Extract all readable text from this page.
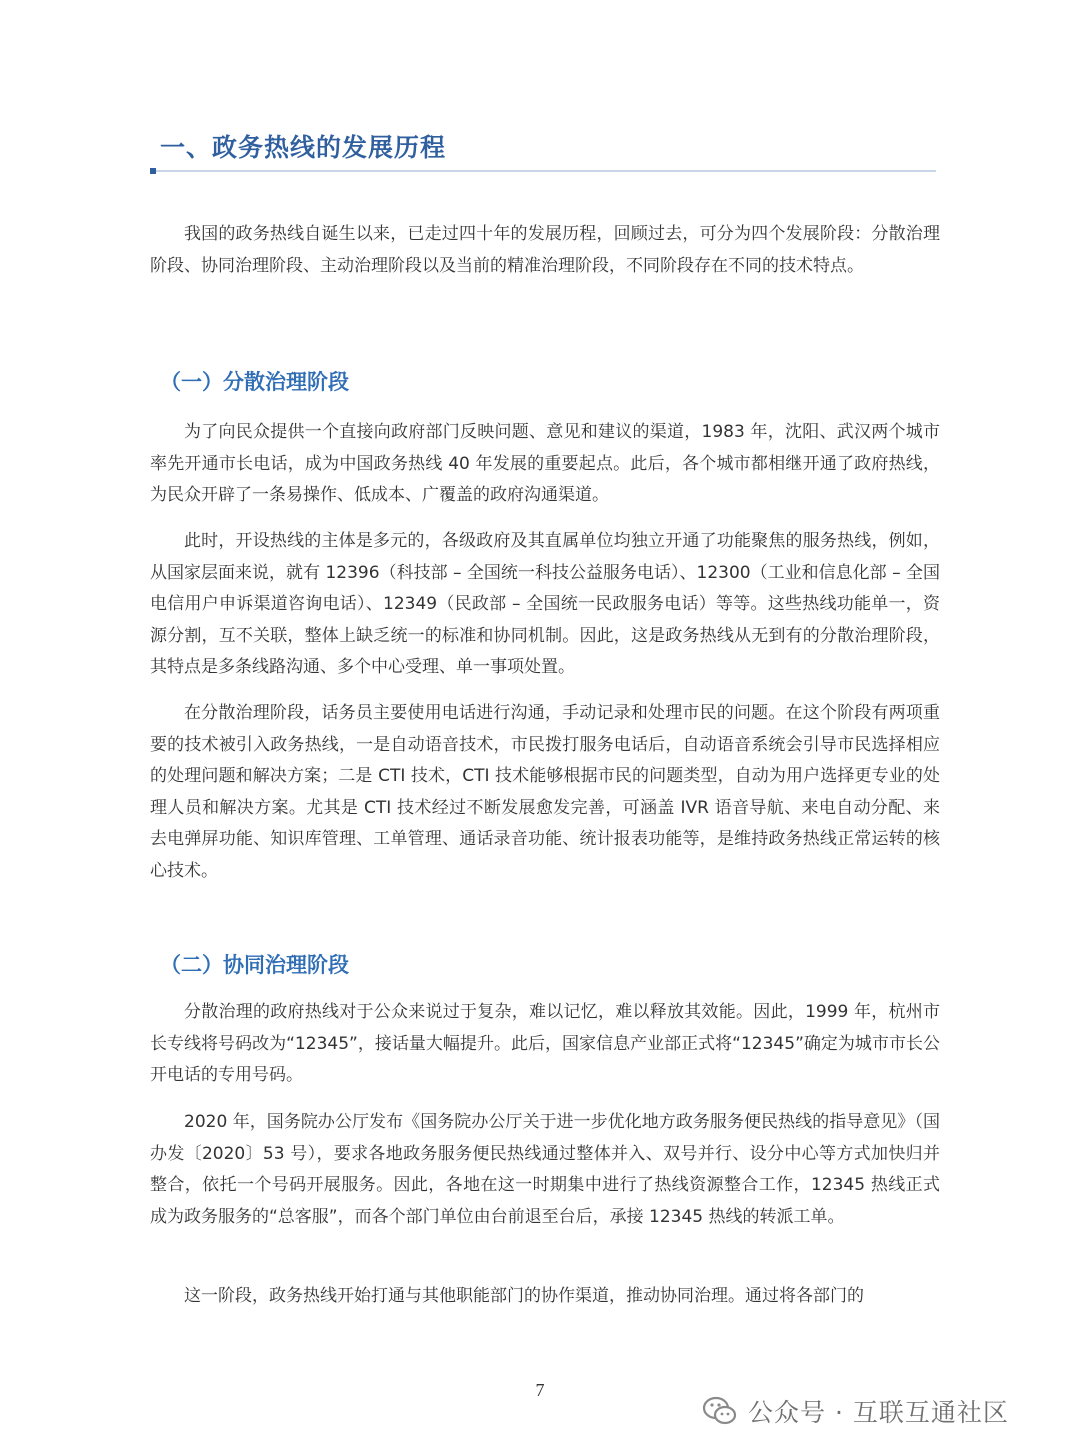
一、政务热线的发展历程

我国的政务热线自诞生以来，已走过四十年的发展历程，回顾过去，可分为四个发展阶段：分散治理阶段、协同治理阶段、主动治理阶段以及当前的精准治理阶段，不同阶段存在不同的技术特点。

（一）分散治理阶段

为了向民众提供一个直接向政府部门反映问题、意见和建议的渠道，1983 年，沈阳、武汉两个城市率先开通市长电话，成为中国政务热线 40 年发展的重要起点。此后，各个城市都相继开通了政府热线，为民众开辟了一条易操作、低成本、广覆盖的政府沟通渠道。

此时，开设热线的主体是多元的，各级政府及其直属单位均独立开通了功能聚焦的服务热线，例如，从国家层面来说，就有 12396（科技部 – 全国统一科技公益服务电话）、12300（工业和信息化部 – 全国电信用户申诉渠道咨询电话）、12349（民政部 – 全国统一民政服务电话）等等。这些热线功能单一，资源分割，互不关联，整体上缺乏统一的标准和协同机制。因此，这是政务热线从无到有的分散治理阶段，其特点是多条线路沟通、多个中心受理、单一事项处置。

在分散治理阶段，话务员主要使用电话进行沟通，手动记录和处理市民的问题。在这个阶段有两项重要的技术被引入政务热线，一是自动语音技术，市民拨打服务电话后，自动语音系统会引导市民选择相应的处理问题和解决方案；二是 CTI 技术，CTI 技术能够根据市民的问题类型，自动为用户选择更专业的处理人员和解决方案。尤其是 CTI 技术经过不断发展愈发完善，可涵盖 IVR 语音导航、来电自动分配、来去电弹屏功能、知识库管理、工单管理、通话录音功能、统计报表功能等，是维持政务热线正常运转的核心技术。

（二）协同治理阶段

分散治理的政府热线对于公众来说过于复杂，难以记忆，难以释放其效能。因此，1999 年，杭州市长专线将号码改为“12345”，接话量大幅提升。此后，国家信息产业部正式将“12345”确定为城市市长公开电话的专用号码。

2020 年，国务院办公厅发布《国务院办公厅关于进一步优化地方政务服务便民热线的指导意见》（国办发〔2020〕53 号），要求各地政务服务便民热线通过整体并入、双号并行、设分中心等方式加快归并整合，依托一个号码开展服务。因此，各地在这一时期集中进行了热线资源整合工作，12345 热线正式成为政务服务的“总客服”，而各个部门单位由台前退至台后，承接 12345 热线的转派工单。

这一阶段，政务热线开始打通与其他职能部门的协作渠道，推动协同治理。通过将各部门的

7
公众号 · 互联互通社区
